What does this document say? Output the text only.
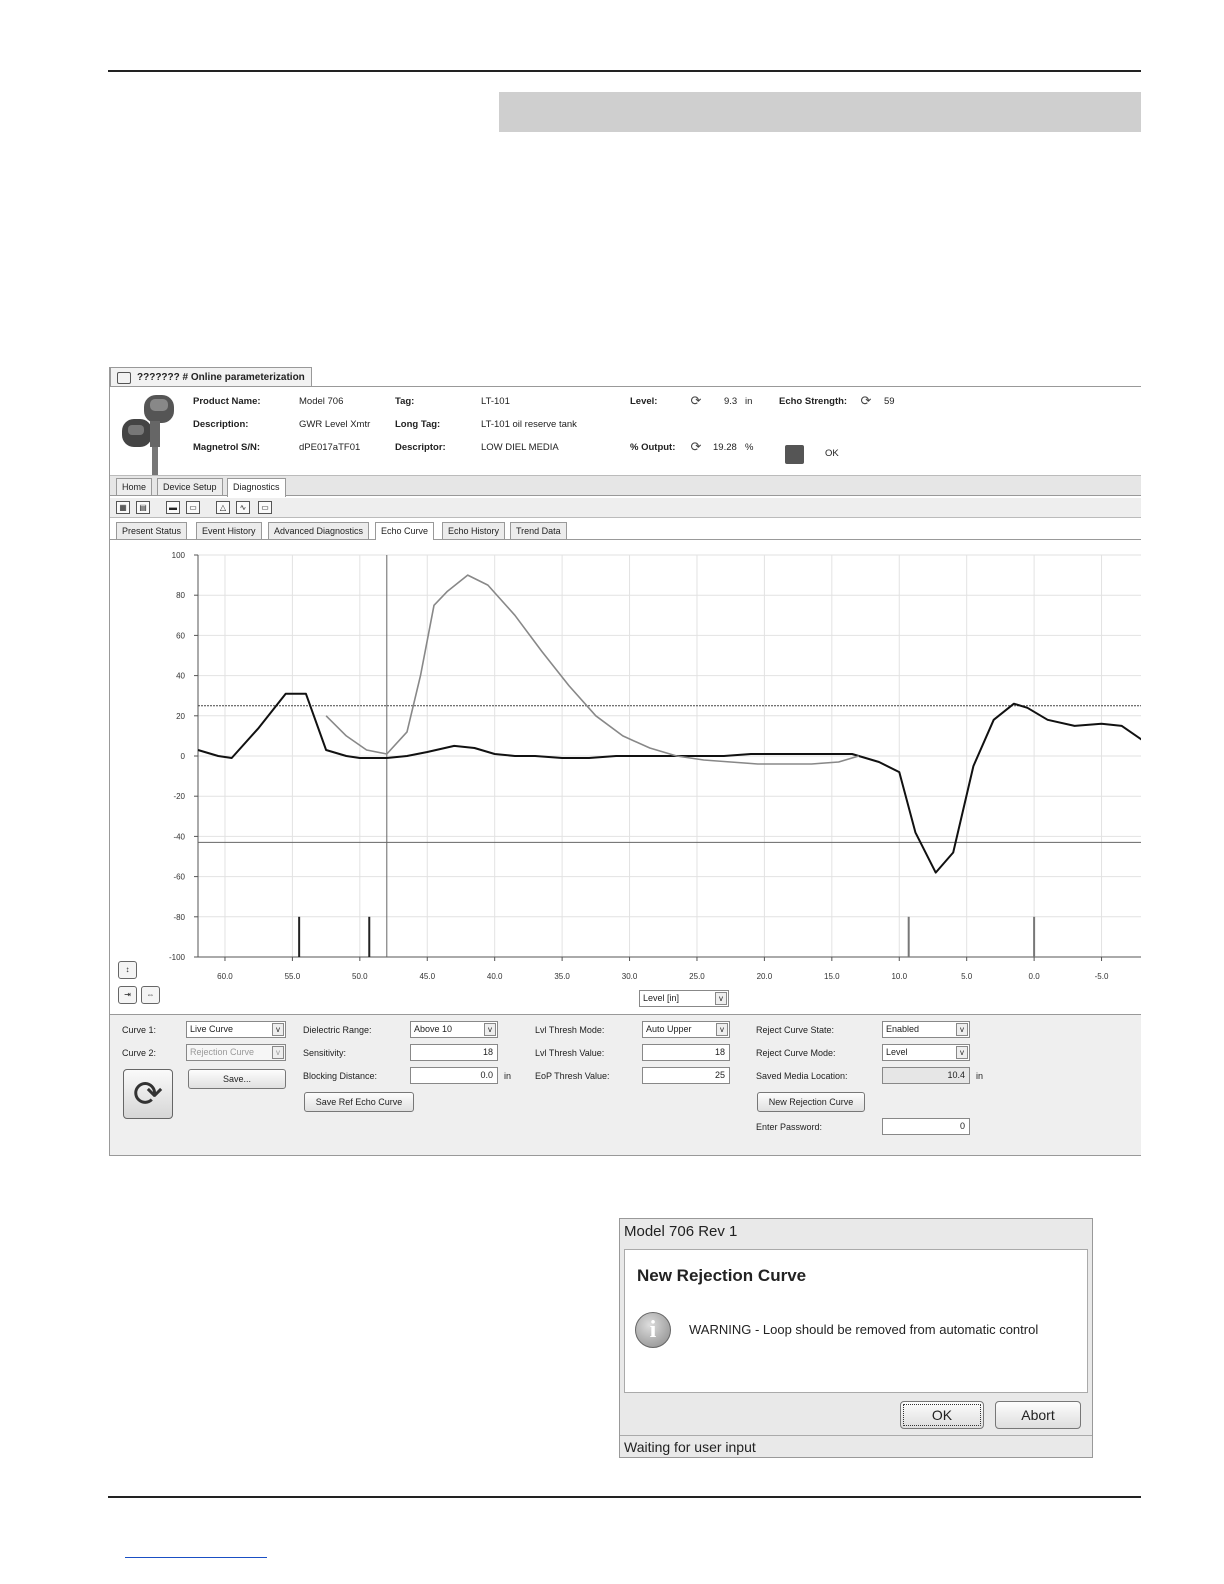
??????? # Online parameterization
Product Name:	Model 706
Description:	GWR Level Xmtr
Magnetrol S/N:	dPE017aTF01
Tag:	LT-101
Long Tag:	LT-101 oil reserve tank
Descriptor:	LOW DIEL MEDIA
Level:	⟳ 9.3 in
% Output: ⟳ 19.28 %
Echo Strength: ⟳ 59
OK
Home	Device Setup	Diagnostics
▦	▤	▬	▭	△	∿	▭
Present Status	Event History	Advanced Diagnostics	Echo Curve	Echo History	Trend Data
100
80
60
40
20
0
-20
-40
-60
-80
-100
60.0	55.0	50.0	45.0	40.0	35.0	30.0	25.0	20.0	15.0	10.0	5.0	0.0	-5.0
↕
⇥	⇔	Level [in]	v
Curve 1:	Live Curve	v
Curve 2:	Rejection Curve	v
Save...
⟳
Dielectric Range:	Above 10	v
Sensitivity:	18
Blocking Distance:	0.0	in
Save Ref Echo Curve
Lvl Thresh Mode:	Auto Upper	v
Lvl Thresh Value:	18
EoP Thresh Value:	25
Reject Curve State:	Enabled	v
Reject Curve Mode:	Level	v
Saved Media Location:	10.4	in
New Rejection Curve
Enter Password:	0
Model 706 Rev 1
New Rejection Curve
i	WARNING - Loop should be removed from automatic control
OK	Abort
Waiting for user input
